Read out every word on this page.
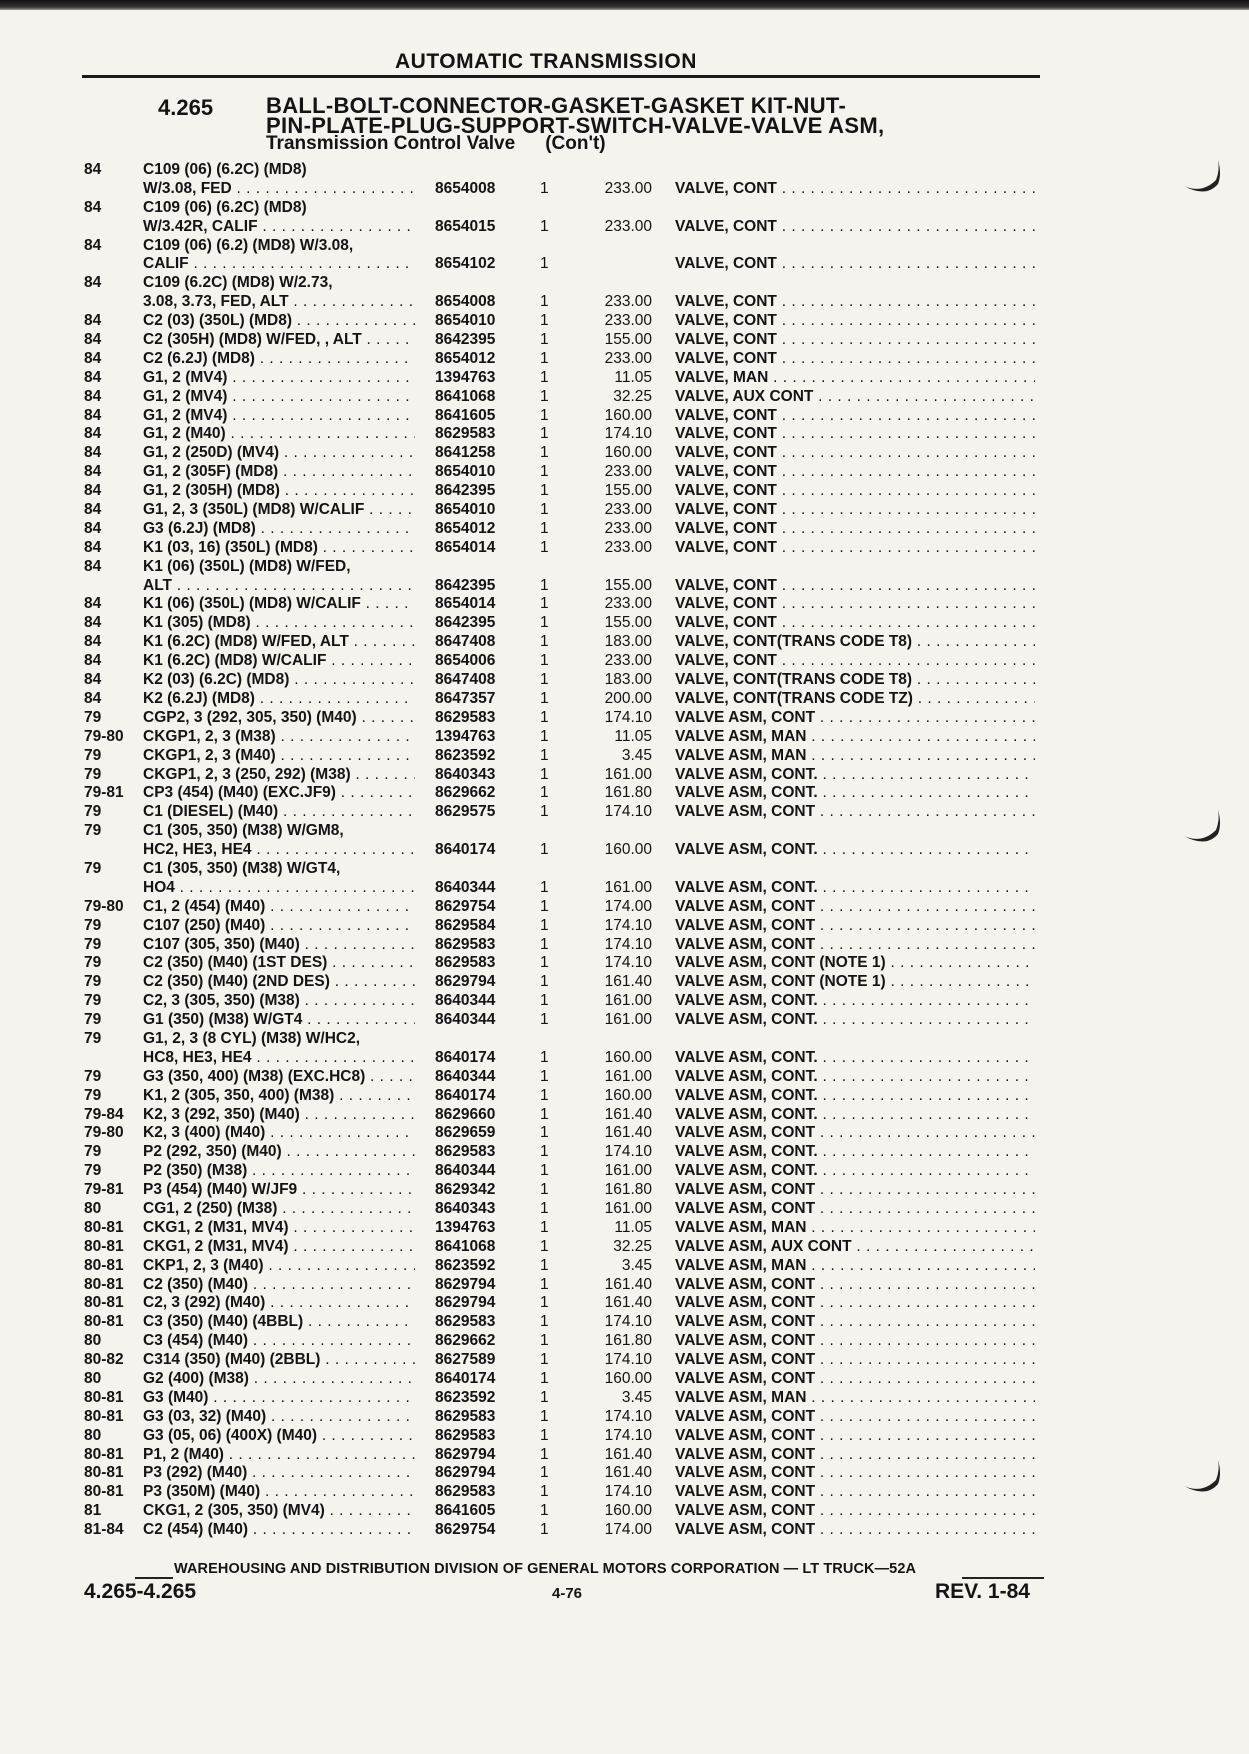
AUTOMATIC TRANSMISSION
4.265 BALL-BOLT-CONNECTOR-GASKET-GASKET KIT-NUT-
PIN-PLATE-PLUG-SUPPORT-SWITCH-VALVE-VALVE ASM,
Transmission Control Valve (Con't)
84	C109 (06) (6.2C) (MD8)
W/3.08, FED . . .	8654008	1	233.00 VALVE, CONT . . .
84	C109 (06) (6.2C) (MD8)
W/3.42R, CALIF . . .	8654015	1	233.00 VALVE, CONT . . .
84	C109 (06) (6.2) (MD8) W/3.08,
CALIF . . .	8654102	1	VALVE, CONT . . .
84	C109 (6.2C) (MD8) W/2.73,
3.08, 3.73, FED, ALT . . .	8654008	1	233.00 VALVE, CONT . . .
84	C2 (03) (350L) (MD8) . . .	8654010	1	233.00 VALVE, CONT . . .
84	C2 (305H) (MD8) W/FED, , ALT . . .	8642395	1	155.00 VALVE, CONT . . .
84	C2 (6.2J) (MD8) . . .	8654012	1	233.00 VALVE, CONT . . .
84	G1, 2 (MV4) . . .	1394763	1	11.05 VALVE, MAN . . .
84	G1, 2 (MV4) . . .	8641068	1	32.25 VALVE, AUX CONT . . .
84	G1, 2 (MV4) . . .	8641605	1	160.00 VALVE, CONT . . .
84	G1, 2 (M40) . . .	8629583	1	174.10 VALVE, CONT . . .
84	G1, 2 (250D) (MV4) . . .	8641258	1	160.00 VALVE, CONT . . .
84	G1, 2 (305F) (MD8) . . .	8654010	1	233.00 VALVE, CONT . . .
84	G1, 2 (305H) (MD8) . . .	8642395	1	155.00 VALVE, CONT . . .
84	G1, 2, 3 (350L) (MD8) W/CALIF . . .	8654010	1	233.00 VALVE, CONT . . .
84	G3 (6.2J) (MD8) . . .	8654012	1	233.00 VALVE, CONT . . .
84	K1 (03, 16) (350L) (MD8) . . .	8654014	1	233.00 VALVE, CONT . . .
84	K1 (06) (350L) (MD8) W/FED,
ALT . . .	8642395	1	155.00 VALVE, CONT . . .
84	K1 (06) (350L) (MD8) W/CALIF . . .	8654014	1	233.00 VALVE, CONT . . .
84	K1 (305) (MD8) . . .	8642395	1	155.00 VALVE, CONT . . .
84	K1 (6.2C) (MD8) W/FED, ALT . . .	8647408	1	183.00 VALVE, CONT(TRANS CODE T8) . . .
84	K1 (6.2C) (MD8) W/CALIF . . .	8654006	1	233.00 VALVE, CONT . . .
84	K2 (03) (6.2C) (MD8) . . .	8647408	1	183.00 VALVE, CONT(TRANS CODE T8) . . .
84	K2 (6.2J) (MD8) . . .	8647357	1	200.00 VALVE, CONT(TRANS CODE TZ) . . .
79	CGP2, 3 (292, 305, 350) (M40) . . .	8629583	1	174.10 VALVE ASM, CONT . . .
79-80 CKGP1, 2, 3 (M38) . . .	1394763	1	11.05 VALVE ASM, MAN . . .
79	CKGP1, 2, 3 (M40) . . .	8623592	1	3.45 VALVE ASM, MAN . . .
79	CKGP1, 2, 3 (250, 292) (M38) . . .	8640343	1	161.00 VALVE ASM, CONT. . . .
79-81 CP3 (454) (M40) (EXC.JF9) . . .	8629662	1	161.80 VALVE ASM, CONT. . . .
79	C1 (DIESEL) (M40) . . .	8629575	1	174.10 VALVE ASM, CONT . . .
79	C1 (305, 350) (M38) W/GM8,
HC2, HE3, HE4 . . .	8640174	1	160.00 VALVE ASM, CONT. . . .
79	C1 (305, 350) (M38) W/GT4,
HO4 . . .	8640344	1	161.00 VALVE ASM, CONT. . . .
79-80 C1, 2 (454) (M40) . . .	8629754	1	174.00 VALVE ASM, CONT . . .
79	C107 (250) (M40) . . .	8629584	1	174.10 VALVE ASM, CONT . . .
79	C107 (305, 350) (M40) . . .	8629583	1	174.10 VALVE ASM, CONT . . .
79	C2 (350) (M40) (1ST DES) . . .	8629583	1	174.10 VALVE ASM, CONT (NOTE 1) . . .
79	C2 (350) (M40) (2ND DES) . . .	8629794	1	161.40 VALVE ASM, CONT (NOTE 1) . . .
79	C2, 3 (305, 350) (M38) . . .	8640344	1	161.00 VALVE ASM, CONT. . . .
79	G1 (350) (M38) W/GT4 . . .	8640344	1	161.00 VALVE ASM, CONT. . . .
79	G1, 2, 3 (8 CYL) (M38) W/HC2,
HC8, HE3, HE4 . . .	8640174	1	160.00 VALVE ASM, CONT. . . .
79	G3 (350, 400) (M38) (EXC.HC8) . . .	8640344	1	161.00 VALVE ASM, CONT. . . .
79	K1, 2 (305, 350, 400) (M38) . . .	8640174	1	160.00 VALVE ASM, CONT. . . .
79-84 K2, 3 (292, 350) (M40) . . .	8629660	1	161.40 VALVE ASM, CONT. . . .
79-80 K2, 3 (400) (M40) . . .	8629659	1	161.40 VALVE ASM, CONT . . .
79	P2 (292, 350) (M40) . . .	8629583	1	174.10 VALVE ASM, CONT. . . .
79	P2 (350) (M38) . . .	8640344	1	161.00 VALVE ASM, CONT. . . .
79-81 P3 (454) (M40) W/JF9 . . .	8629342	1	161.80 VALVE ASM, CONT . . .
80	CG1, 2 (250) (M38) . . .	8640343	1	161.00 VALVE ASM, CONT . . .
80-81 CKG1, 2 (M31, MV4) . . .	1394763	1	11.05 VALVE ASM, MAN . . .
80-81 CKG1, 2 (M31, MV4) . . .	8641068	1	32.25 VALVE ASM, AUX CONT . . .
80-81 CKP1, 2, 3 (M40) . . .	8623592	1	3.45 VALVE ASM, MAN . . .
80-81 C2 (350) (M40) . . .	8629794	1	161.40 VALVE ASM, CONT . . .
80-81 C2, 3 (292) (M40) . . .	8629794	1	161.40 VALVE ASM, CONT . . .
80-81 C3 (350) (M40) (4BBL) . . .	8629583	1	174.10 VALVE ASM, CONT . . .
80	C3 (454) (M40) . . .	8629662	1	161.80 VALVE ASM, CONT . . .
80-82 C314 (350) (M40) (2BBL) . . .	8627589	1	174.10 VALVE ASM, CONT . . .
80	G2 (400) (M38) . . .	8640174	1	160.00 VALVE ASM, CONT . . .
80-81 G3 (M40) . . .	8623592	1	3.45 VALVE ASM, MAN . . .
80-81 G3 (03, 32) (M40) . . .	8629583	1	174.10 VALVE ASM, CONT . . .
80	G3 (05, 06) (400X) (M40) . . .	8629583	1	174.10 VALVE ASM, CONT . . .
80-81 P1, 2 (M40) . . .	8629794	1	161.40 VALVE ASM, CONT . . .
80-81 P3 (292) (M40) . . .	8629794	1	161.40 VALVE ASM, CONT . . .
80-81 P3 (350M) (M40) . . .	8629583	1	174.10 VALVE ASM, CONT . . .
81	CKG1, 2 (305, 350) (MV4) . . .	8641605	1	160.00 VALVE ASM, CONT . . .
81-84 C2 (454) (M40) . . .	8629754	1	174.00 VALVE ASM, CONT . . .
WAREHOUSING AND DISTRIBUTION DIVISION OF GENERAL MOTORS CORPORATION — LT TRUCK—52A
4.265-4.265	4-76	REV. 1-84
